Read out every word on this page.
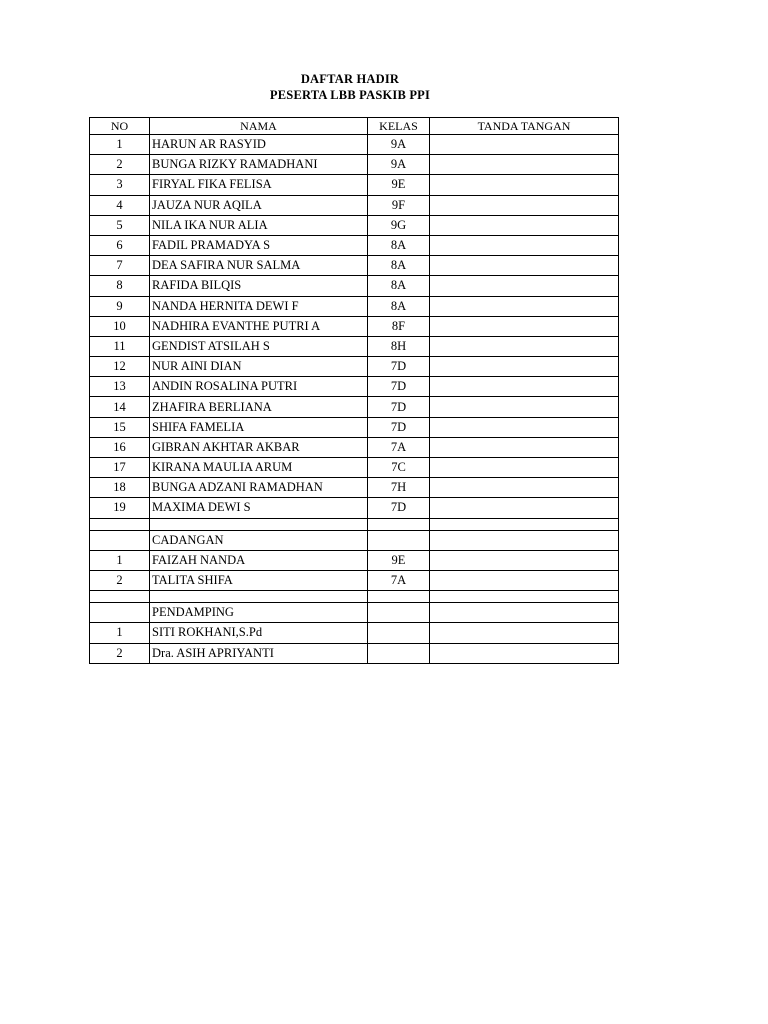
DAFTAR HADIR
PESERTA LBB PASKIB PPI
NO	NAMA	KELAS	TANDA TANGAN
1	HARUN AR RASYID	9A	
2	BUNGA RIZKY RAMADHANI	9A	
3	FIRYAL FIKA FELISA	9E	
4	JAUZA NUR AQILA	9F	
5	NILA IKA NUR ALIA	9G	
6	FADIL PRAMADYA S	8A	
7	DEA SAFIRA NUR SALMA	8A	
8	RAFIDA BILQIS	8A	
9	NANDA HERNITA DEWI F	8A	
10	NADHIRA EVANTHE PUTRI A	8F	
11	GENDIST ATSILAH S	8H	
12	NUR AINI DIAN	7D	
13	ANDIN ROSALINA PUTRI	7D	
14	ZHAFIRA BERLIANA	7D	
15	SHIFA FAMELIA	7D	
16	GIBRAN AKHTAR AKBAR	7A	
17	KIRANA MAULIA ARUM	7C	
18	BUNGA ADZANI RAMADHAN	7H	
19	MAXIMA DEWI S	7D	

	CADANGAN		
1	FAIZAH NANDA	9E	
2	TALITA SHIFA	7A	

	PENDAMPING		
1	SITI ROKHANI,S.Pd		
2	Dra. ASIH APRIYANTI		
